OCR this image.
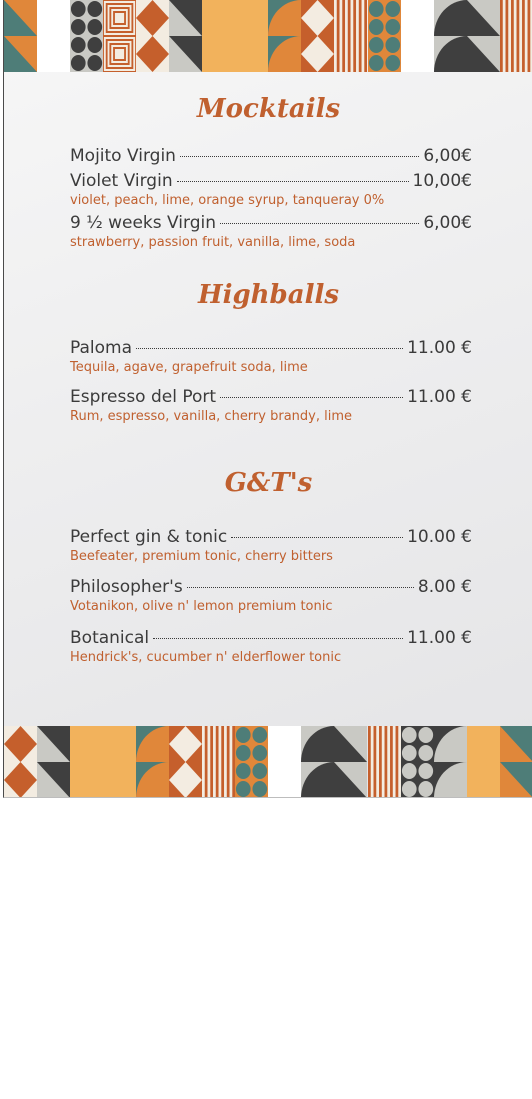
Mocktails
Mojito Virgin	6,00€
Violet Virgin	10,00€
violet, peach, lime, orange syrup, tanqueray 0%
9 ½ weeks Virgin	6,00€
strawberry, passion fruit, vanilla, lime, soda
Highballs
Paloma	11.00 €
Tequila, agave, grapefruit soda, lime
Espresso del Port	11.00 €
Rum, espresso, vanilla, cherry brandy, lime
G&T's
Perfect gin & tonic	10.00 €
Beefeater, premium tonic, cherry bitters
Philosopher's	8.00 €
Votanikon, olive n' lemon premium tonic
Botanical	11.00 €
Hendrick's, cucumber n' elderflower tonic
